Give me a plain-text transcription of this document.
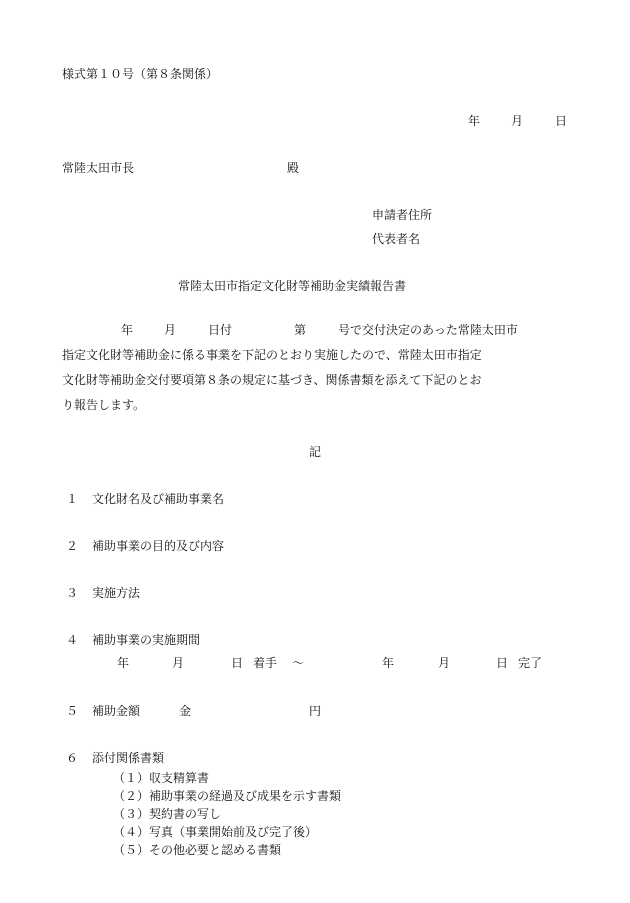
様式第１０号（第８条関係）
年	月	日
常陸太田市長	殿
申請者住所
代表者名
常陸太田市指定文化財等補助金実績報告書
年	月	日付	第	号で交付決定のあった常陸太田市
指定文化財等補助金に係る事業を下記のとおり実施したので、常陸太田市指定
文化財等補助金交付要項第８条の規定に基づき、関係書類を添えて下記のとお
り報告します。
記
１ 文化財名及び補助事業名
２ 補助事業の目的及び内容
３ 実施方法
４ 補助事業の実施期間
年	月	日 着手 ～	年	月	日 完了
５ 補助金額	金	円
６ 添付関係書類
（１）収支精算書
（２）補助事業の経過及び成果を示す書類
（３）契約書の写し
（４）写真（事業開始前及び完了後）
（５）その他必要と認める書類
